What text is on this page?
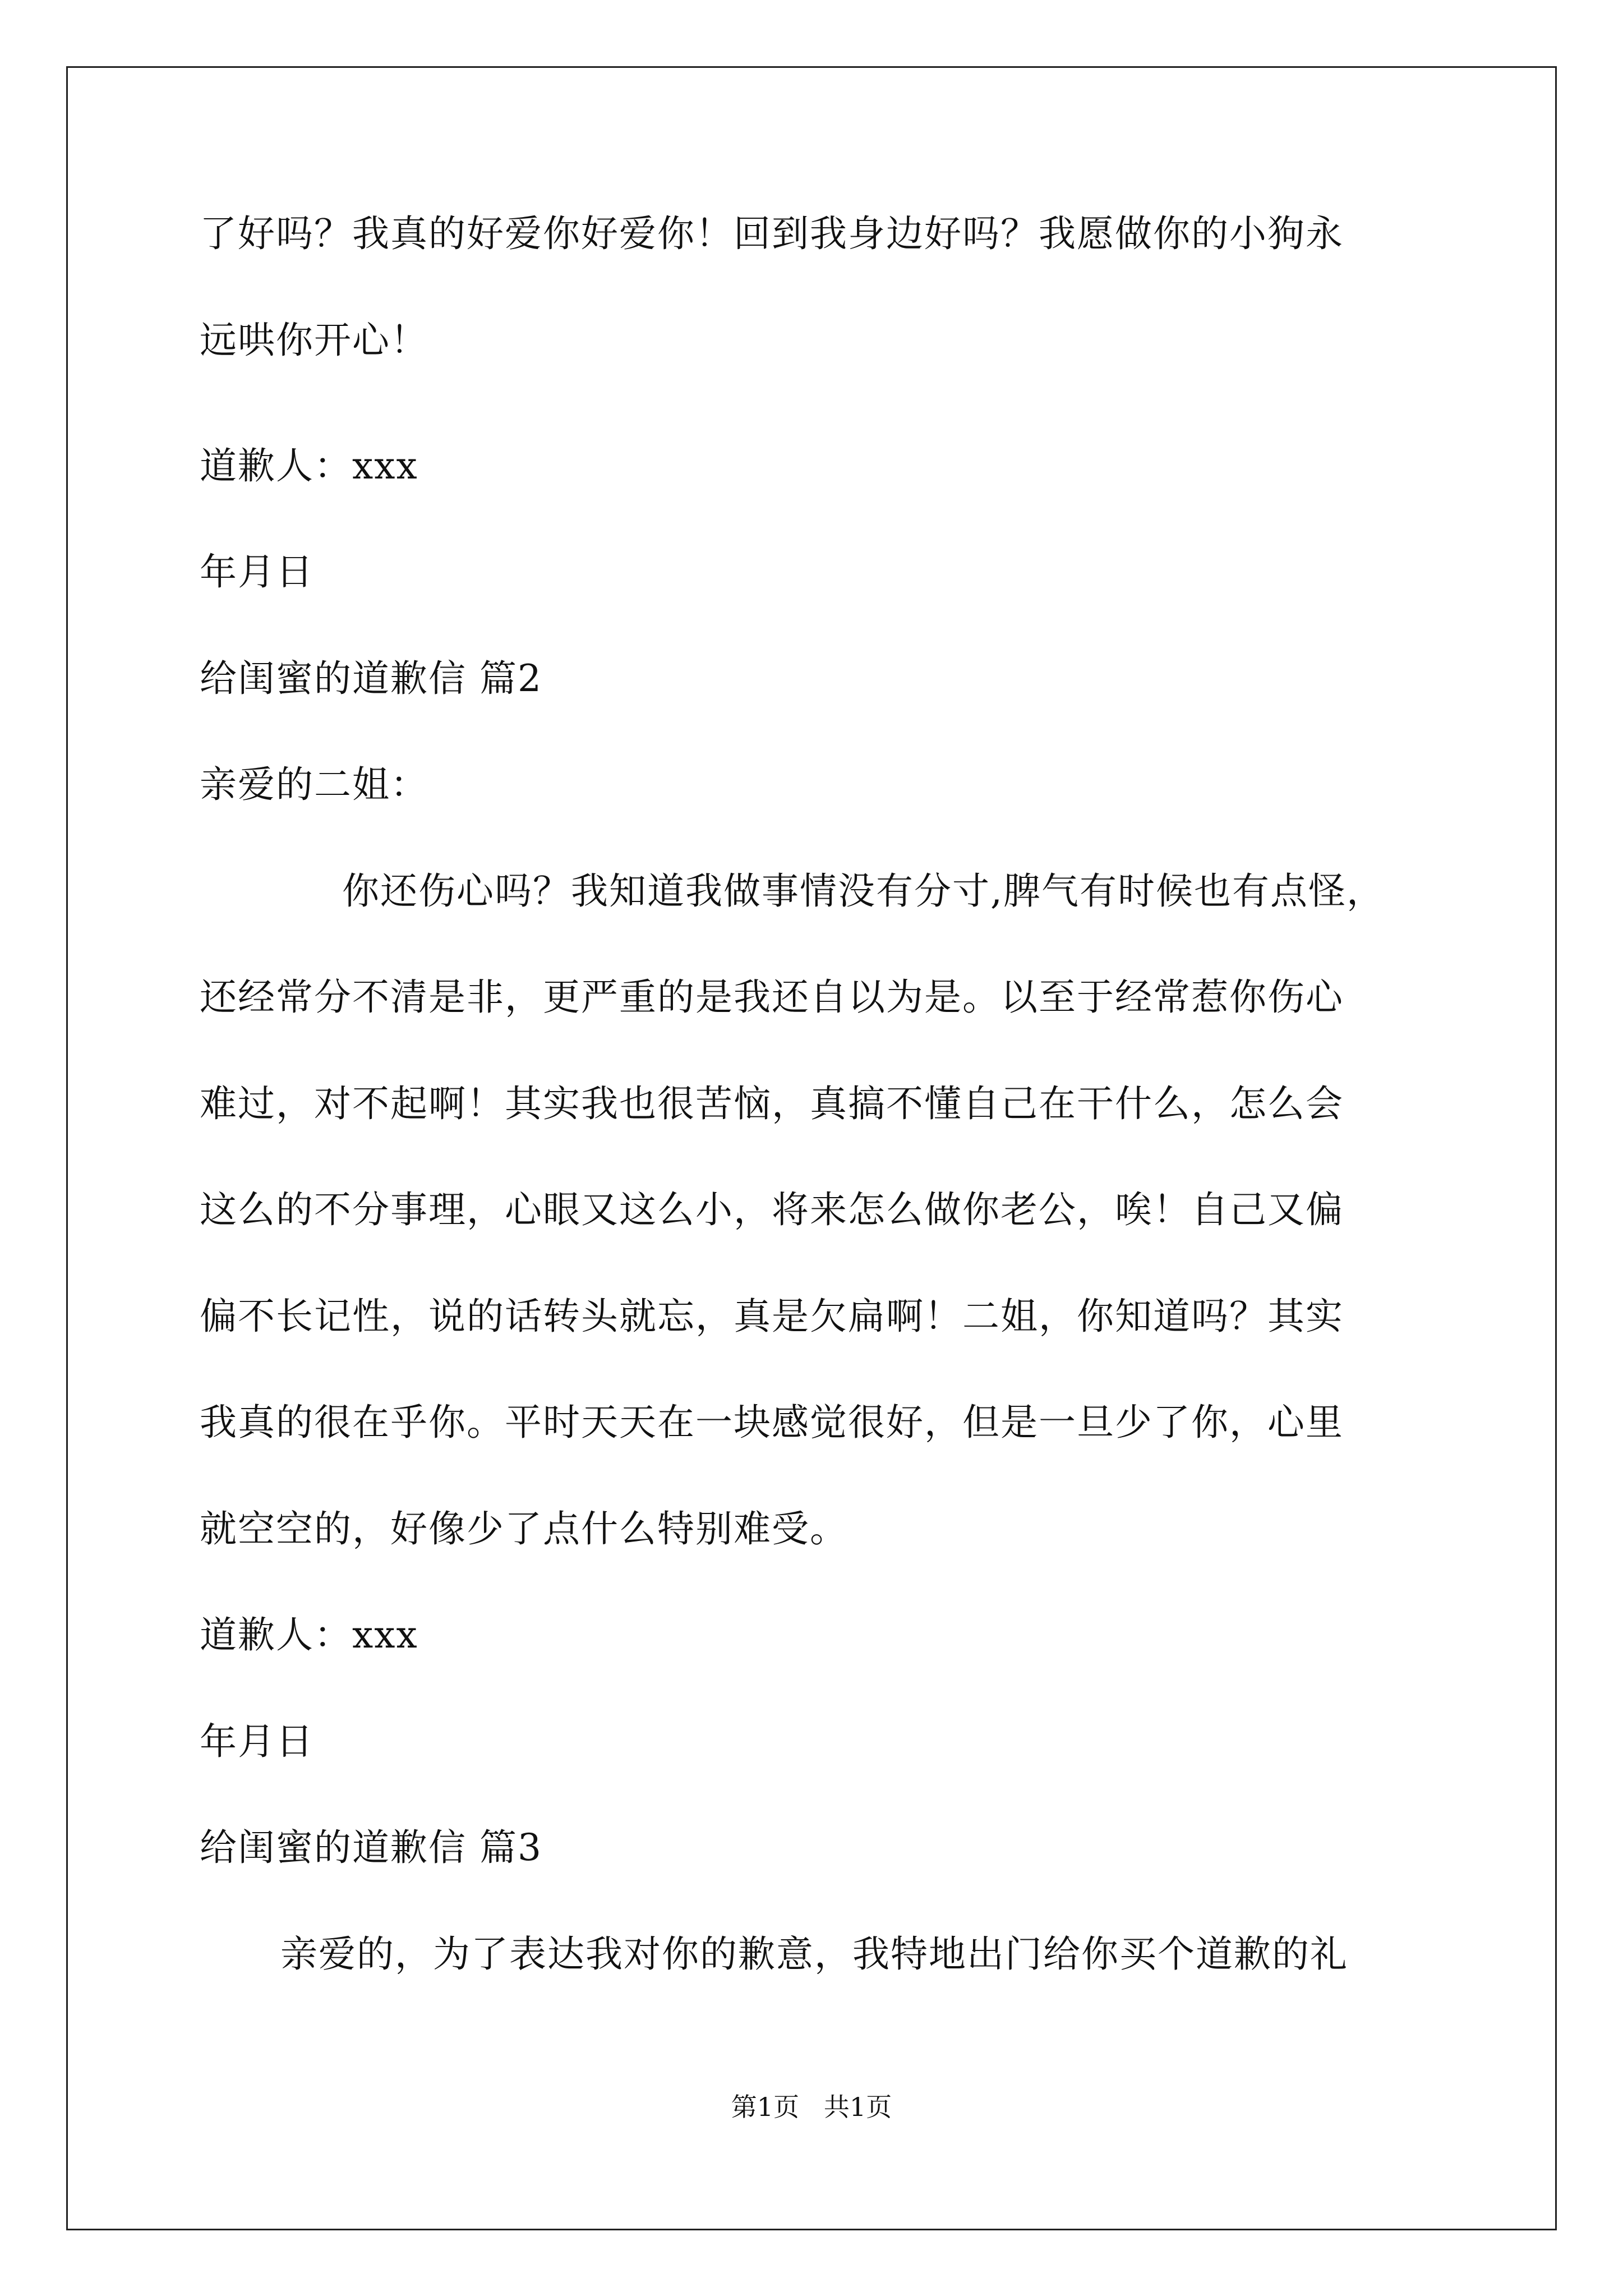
了好吗？我真的好爱你好爱你！回到我身边好吗？我愿做你的小狗永
远哄你开心！
道歉人：xxx
年月日
给闺蜜的道歉信 篇2
亲爱的二姐：
你还伤心吗？我知道我做事情没有分寸,脾气有时候也有点怪，
还经常分不清是非，更严重的是我还自以为是。以至于经常惹你伤心
难过，对不起啊！其实我也很苦恼，真搞不懂自己在干什么，怎么会
这么的不分事理，心眼又这么小，将来怎么做你老公，唉！自己又偏
偏不长记性，说的话转头就忘，真是欠扁啊！二姐，你知道吗？其实
我真的很在乎你。平时天天在一块感觉很好，但是一旦少了你，心里
就空空的，好像少了点什么特别难受。
道歉人：xxx
年月日
给闺蜜的道歉信 篇3
亲爱的，为了表达我对你的歉意，我特地出门给你买个道歉的礼
第1页   共1页
